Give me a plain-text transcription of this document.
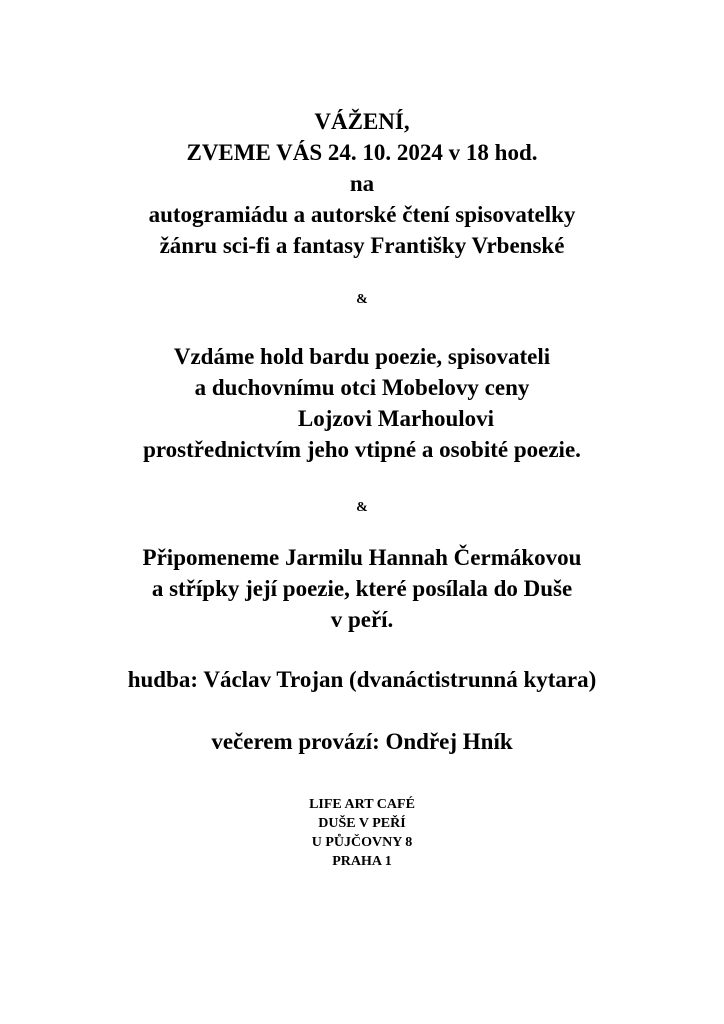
VÁŽENÍ,

ZVEME VÁS 24. 10. 2024 v 18 hod.

na

autogramiádu a autorské čtení spisovatelky

žánru sci-fi a fantasy Františky Vrbenské

&

Vzdáme hold bardu poezie, spisovateli

a duchovnímu otci Mobelovy ceny

Lojzovi Marhoulovi

prostřednictvím jeho vtipné a osobité poezie.

&

Připomeneme Jarmilu Hannah Čermákovou

a střípky její poezie, které posílala do Duše

v peří.

hudba: Václav Trojan (dvanáctistrunná kytara)

večerem provází: Ondřej Hník

LIFE ART CAFÉ

DUŠE V PEŘÍ

U PŮJČOVNY 8

PRAHA 1
